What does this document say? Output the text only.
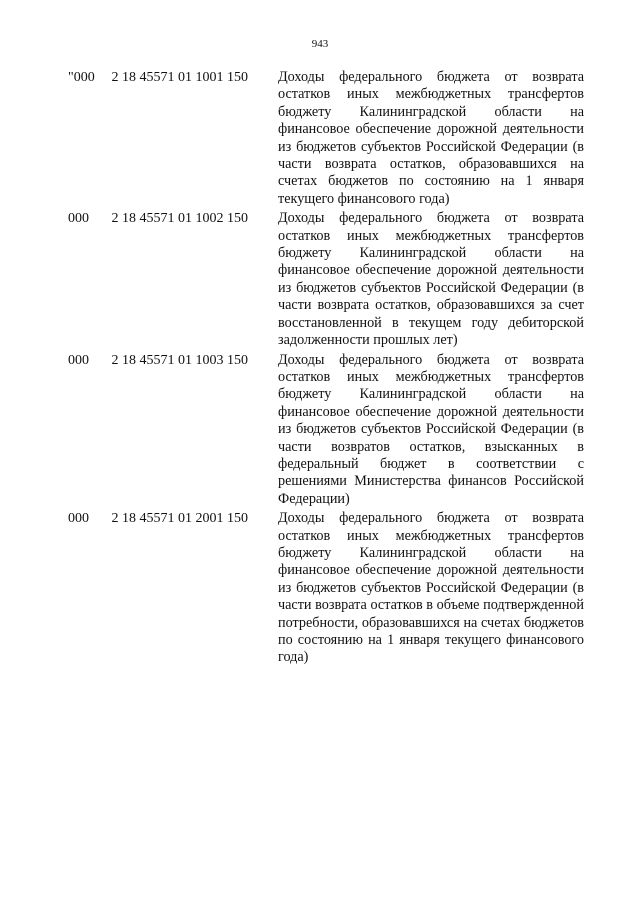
943
"000 2 18 45571 01 1001 150	Доходы федерального бюджета от возврата остатков иных межбюджетных трансфертов бюджету Калининградской области на финансовое обеспечение дорожной деятельности из бюджетов субъектов Российской Федерации (в части возврата остатков, образовавшихся на счетах бюджетов по состоянию на 1 января текущего финансового года)
000 2 18 45571 01 1002 150	Доходы федерального бюджета от возврата остатков иных межбюджетных трансфертов бюджету Калининградской области на финансовое обеспечение дорожной деятельности из бюджетов субъектов Российской Федерации (в части возврата остатков, образовавшихся за счет восстановленной в текущем году дебиторской задолженности прошлых лет)
000 2 18 45571 01 1003 150	Доходы федерального бюджета от возврата остатков иных межбюджетных трансфертов бюджету Калининградской области на финансовое обеспечение дорожной деятельности из бюджетов субъектов Российской Федерации (в части возвратов остатков, взысканных в федеральный бюджет в соответствии с решениями Министерства финансов Российской Федерации)
000 2 18 45571 01 2001 150	Доходы федерального бюджета от возврата остатков иных межбюджетных трансфертов бюджету Калининградской области на финансовое обеспечение дорожной деятельности из бюджетов субъектов Российской Федерации (в части возврата остатков в объеме подтвержденной потребности, образовавшихся на счетах бюджетов по состоянию на 1 января текущего финансового года)
